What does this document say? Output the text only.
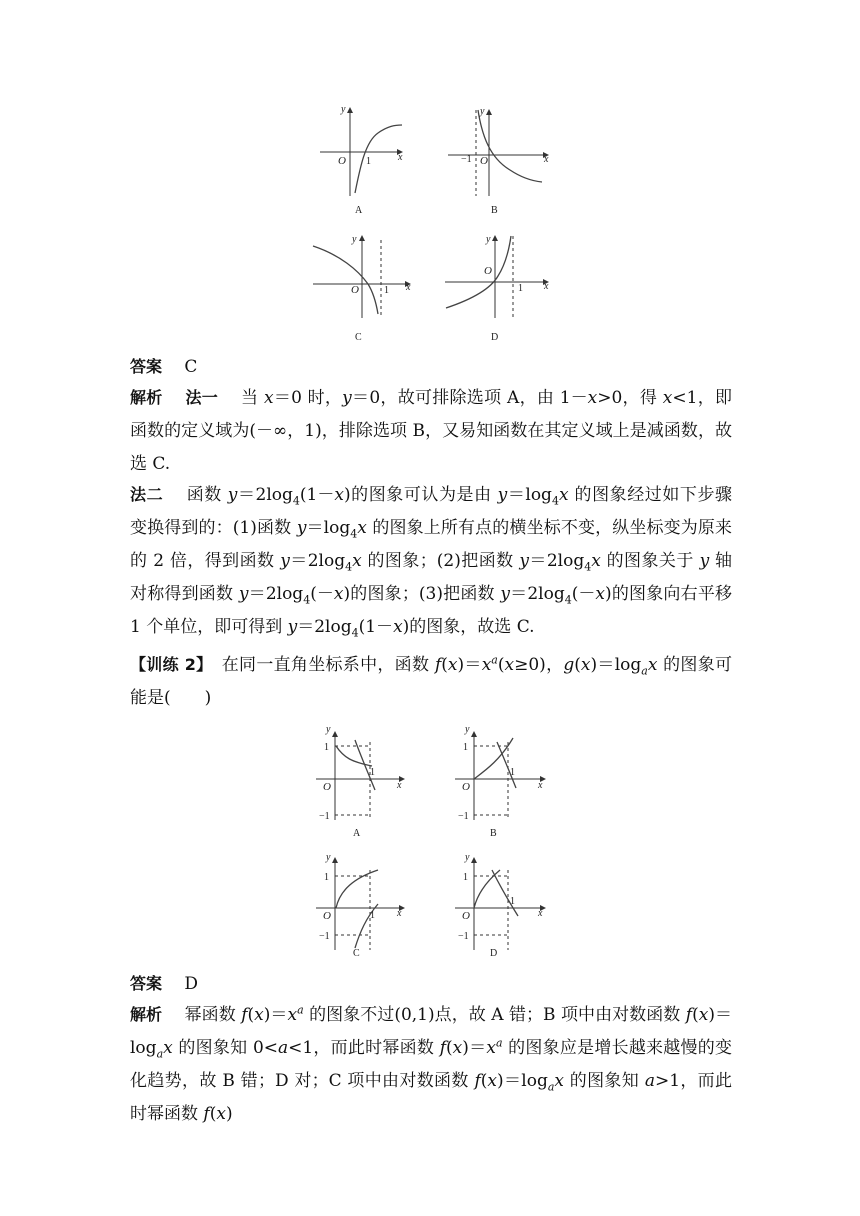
y
x
O 1
A
y
x
−1 O
B
y
x
O	1
C
y
x
O
1
D
答案　 C
解析　 法一　 当 x＝0 时，y＝0，故可排除选项 A，由 1－x>0，得 x<1，即函数的定义域为(－∞，1)，排除选项 B，又易知函数在其定义域上是减函数，故选 C.
法二　 函数 $y=2\log_4(1-x)$的图象可认为是由 $y=\log_4x$ 的图象经过如下步骤变换得到的：(1)函数 $y=\log_4x$ 的图象上所有点的横坐标不变，纵坐标变为原来的 2 倍，得到函数 $y=2\log_4x$ 的图象；(2)把函数 $y=2\log_4x$ 的图象关于 y 轴对称得到函数 $y=2\log_4(-x)$的图象；(3)把函数 $y=2\log_4(-x)$的图象向右平移 1 个单位，即可得到 $y=2\log_4(1-x)$的图象，故选 C.
【训练 2】　 在同一直角坐标系中，函数 $f(x)=x^a(x\ge 0)$，$g(x)=\log_ax$ 的图象可能是(　　)
y
1
1
x
O
−1
A
y
1
1
x
O
−1
B
y
1
1 x
O
−1
C
y
1
1
x
O
−1
D
答案　 D
解析　 幂函数 $f(x)=x^a$ 的图象不过(0,1)点，故 A 错；B 项中由对数函数 $f(x)=\log_ax$ 的图象知 0<a<1，而此时幂函数 $f(x)=x^a$ 的图象应是增长越来越慢的变化趋势，故 B 错；D 对；C 项中由对数函数 $f(x)=\log_ax$ 的图象知 a>1，而此时幂函数 f(x)
